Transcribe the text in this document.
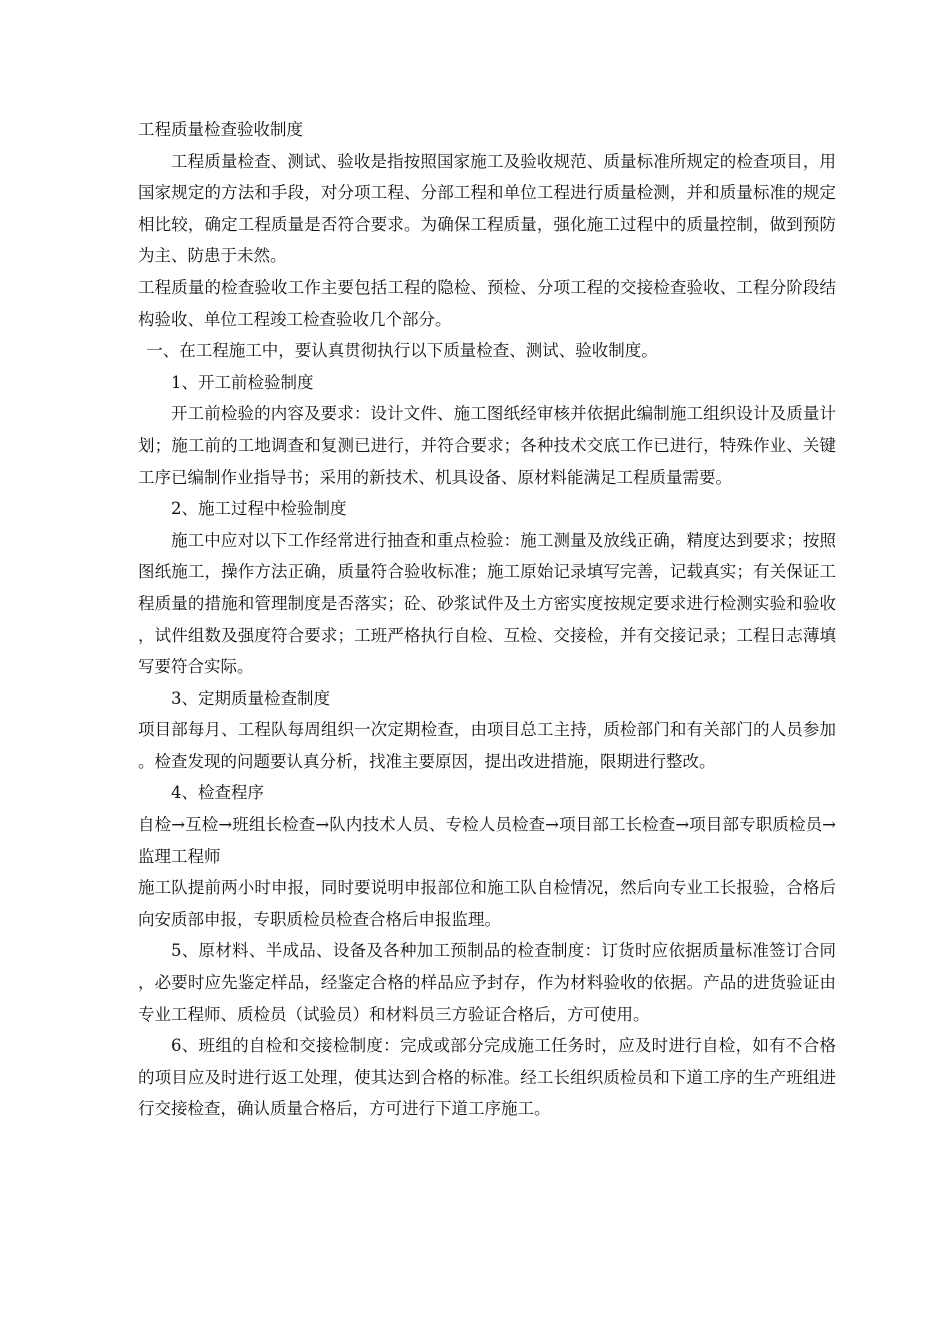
工程质量检查验收制度

工程质量检查、测试、验收是指按照国家施工及验收规范、质量标准所规定的检查项目，用国家规定的方法和手段，对分项工程、分部工程和单位工程进行质量检测，并和质量标准的规定相比较，确定工程质量是否符合要求。为确保工程质量，强化施工过程中的质量控制，做到预防为主、防患于未然。

工程质量的检查验收工作主要包括工程的隐检、预检、分项工程的交接检查验收、工程分阶段结构验收、单位工程竣工检查验收几个部分。

一、在工程施工中，要认真贯彻执行以下质量检查、测试、验收制度。

1、开工前检验制度

开工前检验的内容及要求：设计文件、施工图纸经审核并依据此编制施工组织设计及质量计划；施工前的工地调查和复测已进行，并符合要求；各种技术交底工作已进行，特殊作业、关键工序已编制作业指导书；采用的新技术、机具设备、原材料能满足工程质量需要。

2、施工过程中检验制度

施工中应对以下工作经常进行抽查和重点检验：施工测量及放线正确，精度达到要求；按照图纸施工，操作方法正确，质量符合验收标准；施工原始记录填写完善，记载真实；有关保证工程质量的措施和管理制度是否落实；砼、砂浆试件及土方密实度按规定要求进行检测实验和验收，试件组数及强度符合要求；工班严格执行自检、互检、交接检，并有交接记录；工程日志薄填写要符合实际。

3、定期质量检查制度

项目部每月、工程队每周组织一次定期检查，由项目总工主持，质检部门和有关部门的人员参加。检查发现的问题要认真分析，找准主要原因，提出改进措施，限期进行整改。

4、检查程序

自检→互检→班组长检查→队内技术人员、专检人员检查→项目部工长检查→项目部专职质检员→监理工程师

施工队提前两小时申报，同时要说明申报部位和施工队自检情况，然后向专业工长报验，合格后向安质部申报，专职质检员检查合格后申报监理。

5、原材料、半成品、设备及各种加工预制品的检查制度：订货时应依据质量标准签订合同，必要时应先鉴定样品，经鉴定合格的样品应予封存，作为材料验收的依据。产品的进货验证由专业工程师、质检员（试验员）和材料员三方验证合格后，方可使用。

6、班组的自检和交接检制度：完成或部分完成施工任务时，应及时进行自检，如有不合格的项目应及时进行返工处理，使其达到合格的标准。经工长组织质检员和下道工序的生产班组进行交接检查，确认质量合格后，方可进行下道工序施工。
